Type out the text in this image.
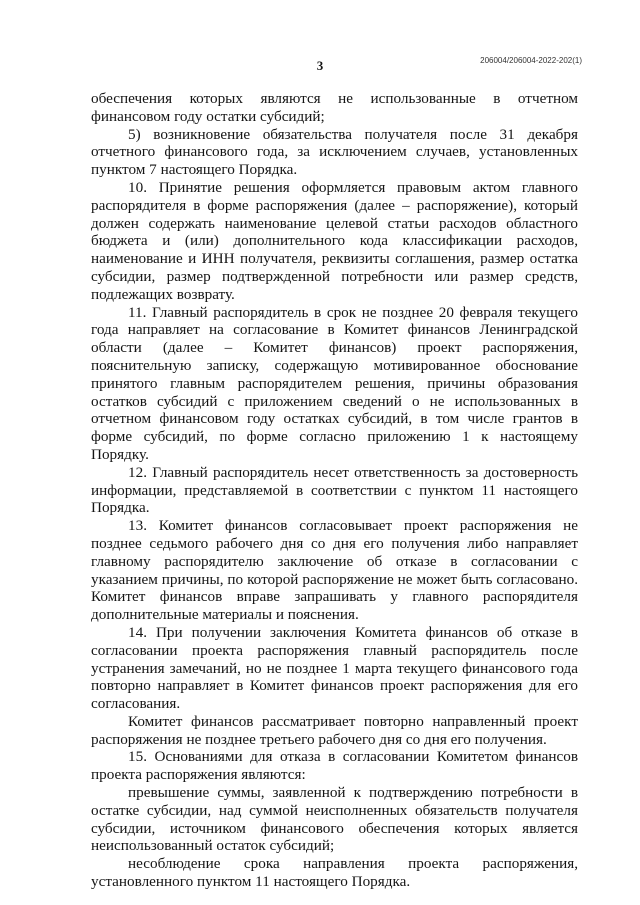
3	206004/206004-2022-202(1)

обеспечения которых являются не использованные в отчетном финансовом году остатки субсидий;

5) возникновение обязательства получателя после 31 декабря отчетного финансового года, за исключением случаев, установленных пунктом 7 настоящего Порядка.

10. Принятие решения оформляется правовым актом главного распорядителя в форме распоряжения (далее – распоряжение), который должен содержать наименование целевой статьи расходов областного бюджета и (или) дополнительного кода классификации расходов, наименование и ИНН получателя, реквизиты соглашения, размер остатка субсидии, размер подтвержденной потребности или размер средств, подлежащих возврату.

11. Главный распорядитель в срок не позднее 20 февраля текущего года направляет на согласование в Комитет финансов Ленинградской области (далее – Комитет финансов) проект распоряжения, пояснительную записку, содержащую мотивированное обоснование принятого главным распорядителем решения, причины образования остатков субсидий с приложением сведений о не использованных в отчетном финансовом году остатках субсидий, в том числе грантов в форме субсидий, по форме согласно приложению 1 к настоящему Порядку.

12. Главный распорядитель несет ответственность за достоверность информации, представляемой в соответствии с пунктом 11 настоящего Порядка.

13. Комитет финансов согласовывает проект распоряжения не позднее седьмого рабочего дня со дня его получения либо направляет главному распорядителю заключение об отказе в согласовании с указанием причины, по которой распоряжение не может быть согласовано. Комитет финансов вправе запрашивать у главного распорядителя дополнительные материалы и пояснения.

14. При получении заключения Комитета финансов об отказе в согласовании проекта распоряжения главный распорядитель после устранения замечаний, но не позднее 1 марта текущего финансового года повторно направляет в Комитет финансов проект распоряжения для его согласования.

Комитет финансов рассматривает повторно направленный проект распоряжения не позднее третьего рабочего дня со дня его получения.

15. Основаниями для отказа в согласовании Комитетом финансов проекта распоряжения являются:

превышение суммы, заявленной к подтверждению потребности в остатке субсидии, над суммой неисполненных обязательств получателя субсидии, источником финансового обеспечения которых является неиспользованный остаток субсидий;

несоблюдение срока направления проекта распоряжения, установленного пунктом 11 настоящего Порядка.
